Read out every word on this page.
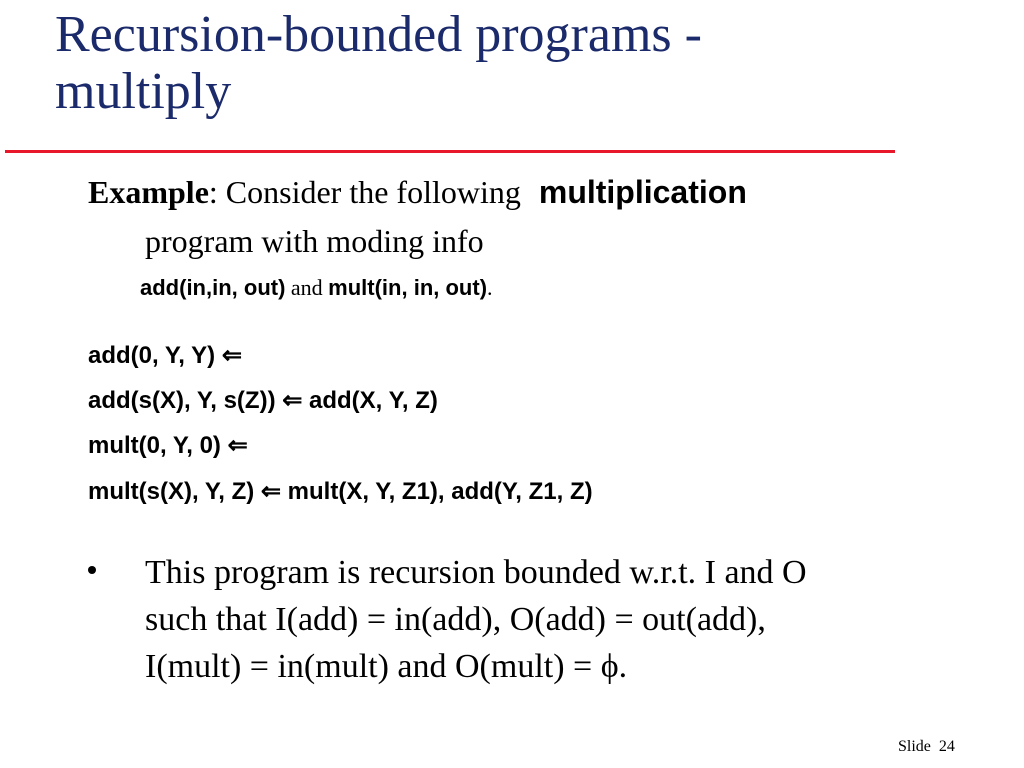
Recursion-bounded programs -
multiply
Example: Consider the following multiplication
program with moding info
add(in,in, out) and mult(in, in, out).
add(0, Y, Y) ⇐
add(s(X), Y, s(Z)) ⇐ add(X, Y, Z)
mult(0, Y, 0) ⇐
mult(s(X), Y, Z) ⇐ mult(X, Y, Z1), add(Y, Z1, Z)
This program is recursion bounded w.r.t. I and O
such that I(add) = in(add), O(add) = out(add),
I(mult) = in(mult) and O(mult) = ϕ.
Slide 24
